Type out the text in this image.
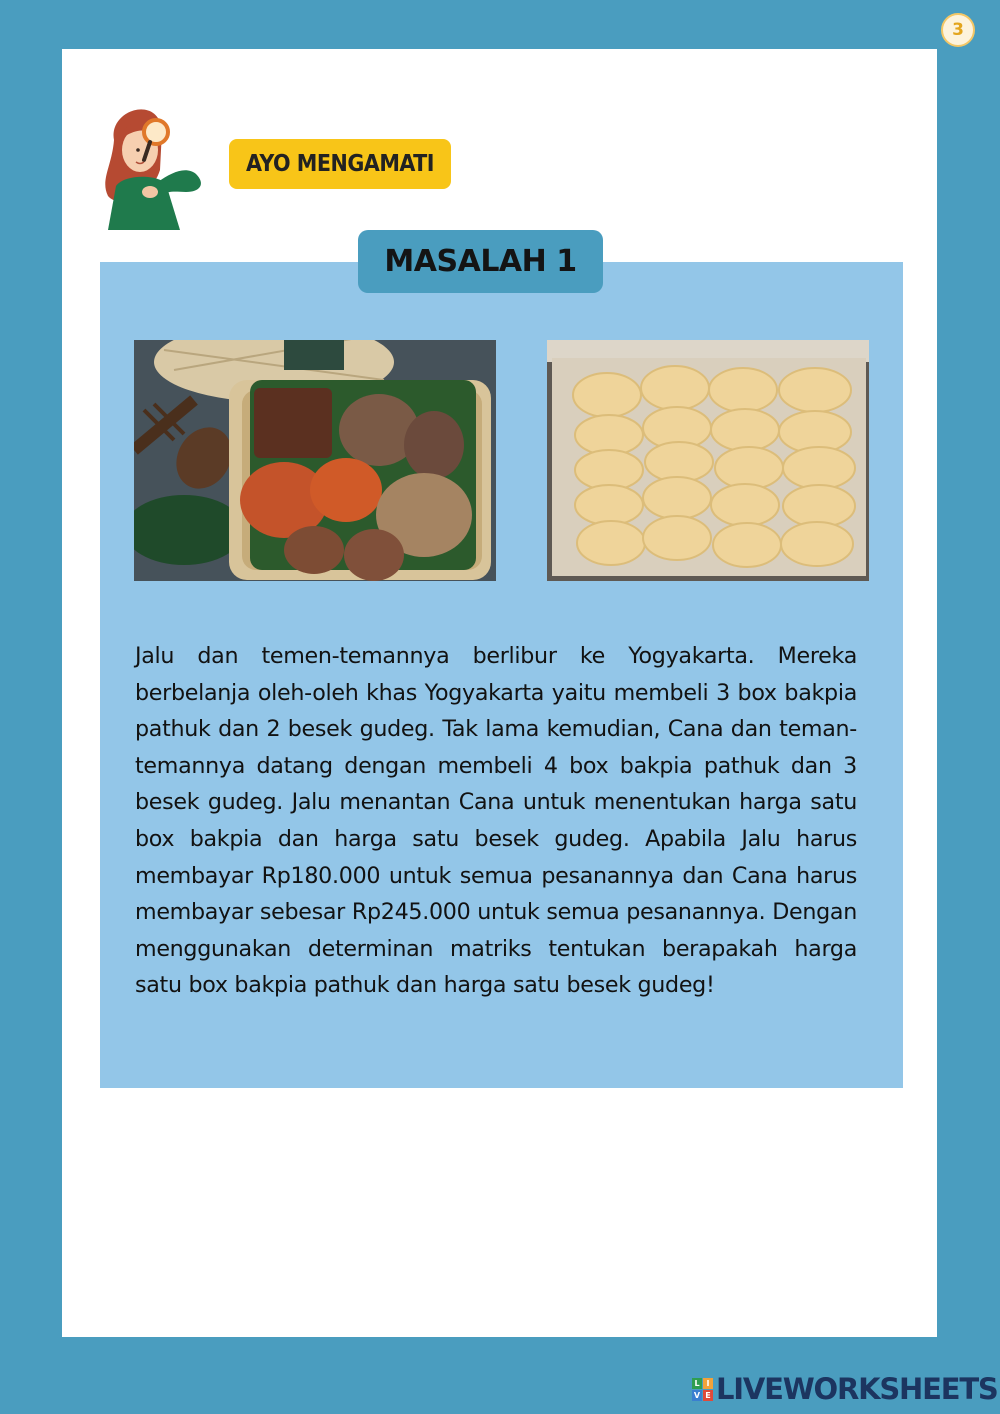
3
AYO MENGAMATI
MASALAH 1

Jalu dan temen-temannya berlibur ke Yogyakarta. Mereka berbelanja oleh-oleh khas Yogyakarta yaitu membeli 3 box bakpia pathuk dan 2 besek gudeg. Tak lama kemudian, Cana dan teman-temannya datang dengan membeli 4 box bakpia pathuk dan 3 besek gudeg. Jalu menantan Cana untuk menentukan harga satu box bakpia dan harga satu besek gudeg. Apabila Jalu harus membayar Rp180.000 untuk semua pesanannya dan Cana harus membayar sebesar Rp245.000 untuk semua pesanannya. Dengan menggunakan determinan matriks tentukan berapakah harga satu box bakpia pathuk dan harga satu besek gudeg!

L I
V E LIVEWORKSHEETS
